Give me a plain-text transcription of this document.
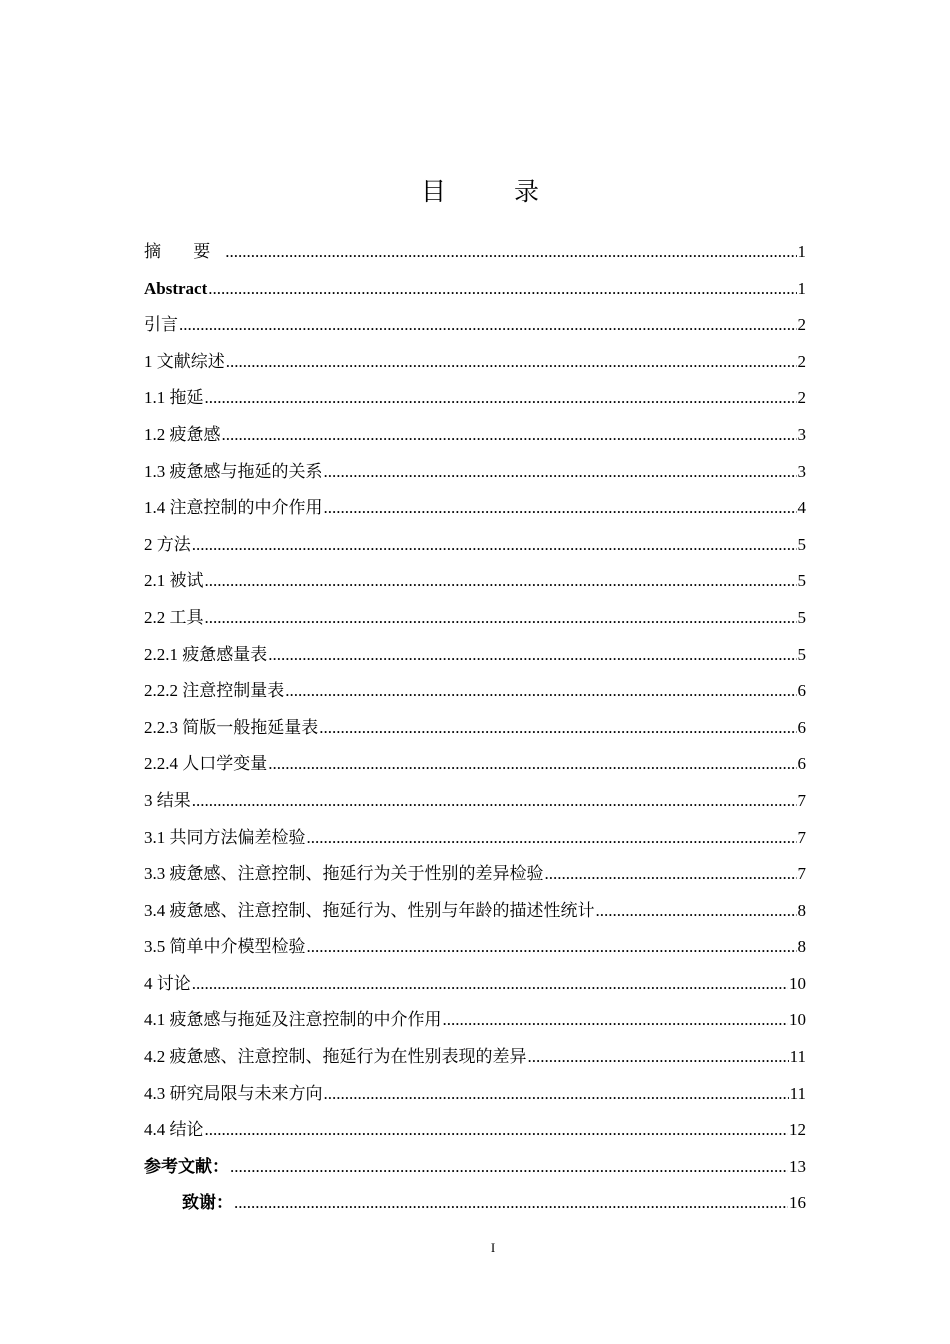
目 录
摘 要 .....	1
Abstract .....	1
引言 .....	2
1 文献综述 .....	2
1.1 拖延 .....	2
1.2 疲惫感 .....	3
1.3 疲惫感与拖延的关系 .....	3
1.4 注意控制的中介作用 .....	4
2 方法 .....	5
2.1 被试 .....	5
2.2 工具 .....	5
2.2.1 疲惫感量表 .....	5
2.2.2 注意控制量表 .....	6
2.2.3 简版一般拖延量表 .....	6
2.2.4 人口学变量 .....	6
3 结果 .....	7
3.1 共同方法偏差检验 .....	7
3.3 疲惫感、注意控制、拖延行为关于性别的差异检验 .....	7
3.4 疲惫感、注意控制、拖延行为、性别与年龄的描述性统计 .....	8
3.5 简单中介模型检验 .....	8
4 讨论 .....	10
4.1 疲惫感与拖延及注意控制的中介作用 .....	10
4.2 疲惫感、注意控制、拖延行为在性别表现的差异 .....	11
4.3 研究局限与未来方向 .....	11
4.4 结论 .....	12
参考文献： .....	13
致谢： .....	16
I
